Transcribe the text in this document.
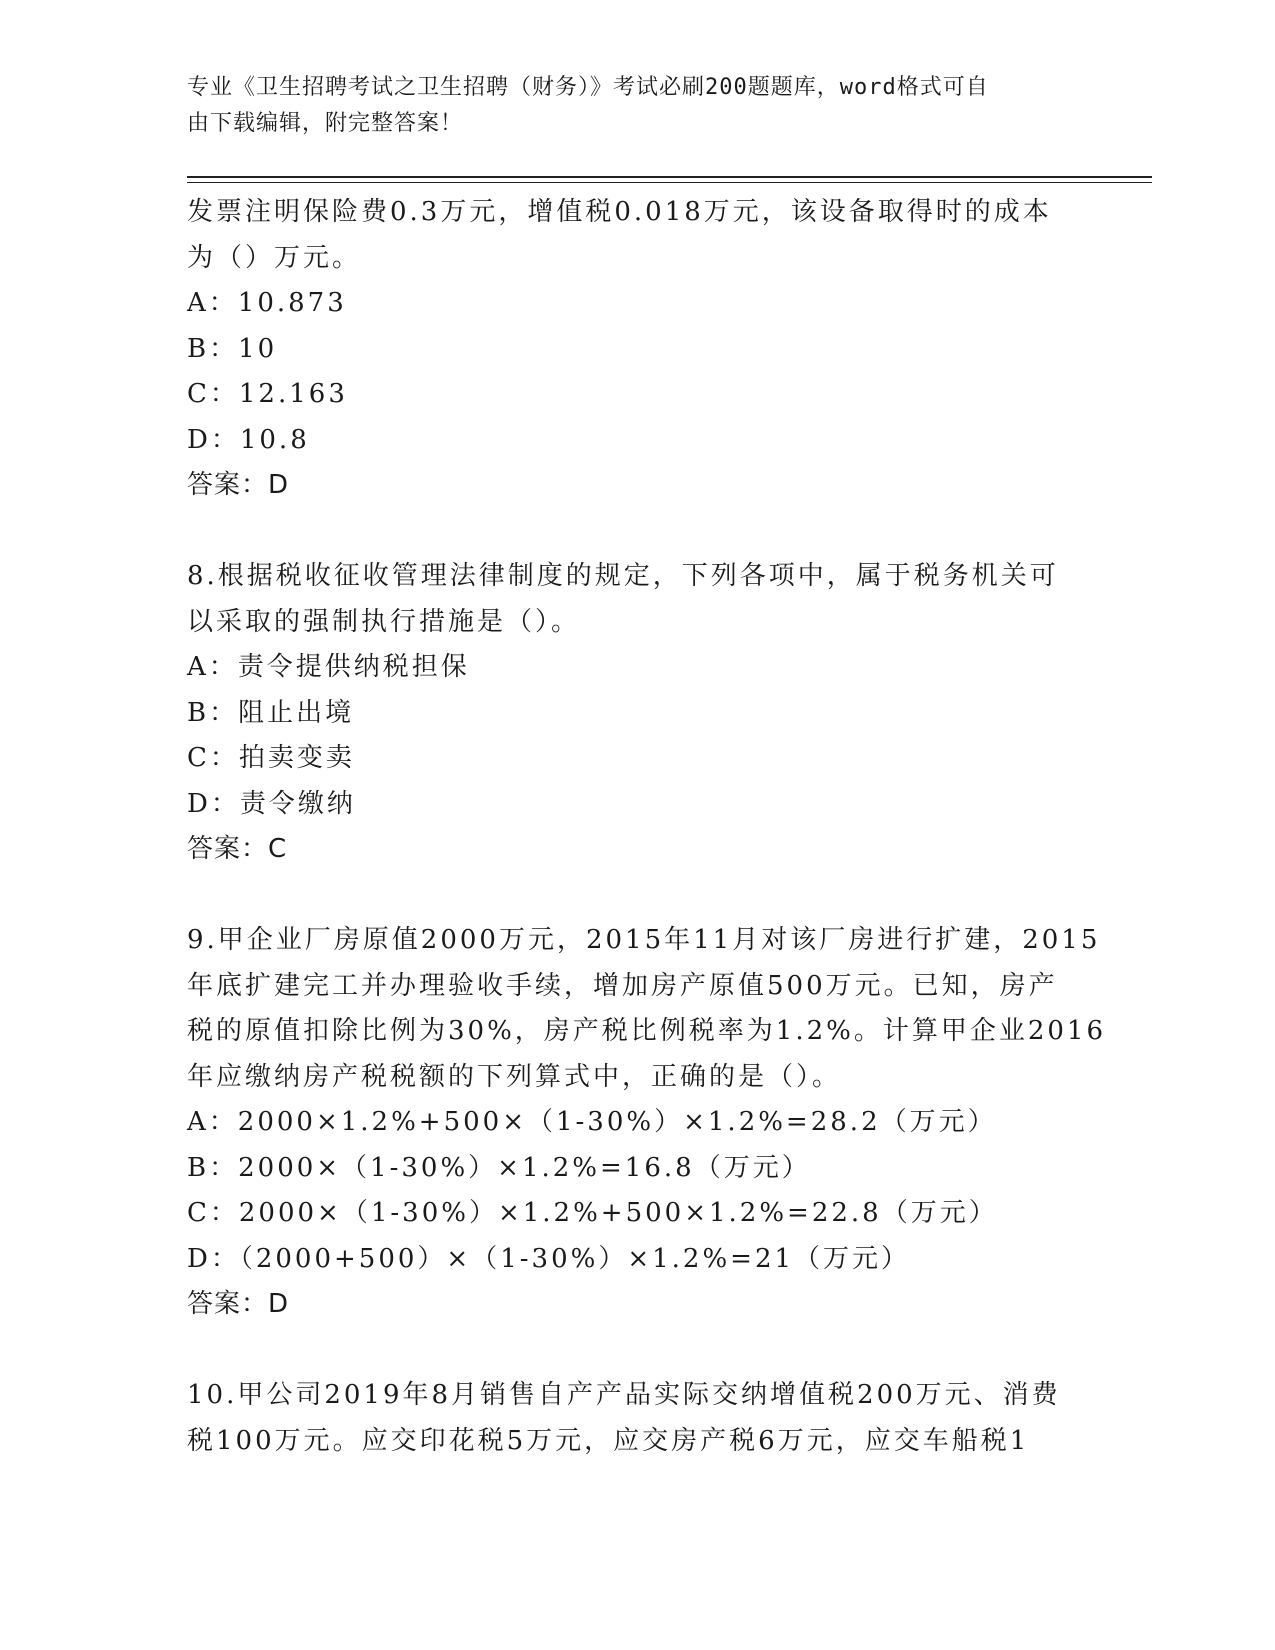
专业《卫生招聘考试之卫生招聘（财务）》考试必刷200题题库，word格式可自
由下载编辑，附完整答案！
发票注明保险费0.3万元，增值税0.018万元，该设备取得时的成本
为（）万元。
A：10.873
B：10
C：12.163
D：10.8
答案：D
8.根据税收征收管理法律制度的规定，下列各项中，属于税务机关可
以采取的强制执行措施是（）。
A：责令提供纳税担保
B：阻止出境
C：拍卖变卖
D：责令缴纳
答案：C
9.甲企业厂房原值2000万元，2015年11月对该厂房进行扩建，2015
年底扩建完工并办理验收手续，增加房产原值500万元。已知，房产
税的原值扣除比例为30%，房产税比例税率为1.2%。计算甲企业2016
年应缴纳房产税税额的下列算式中，正确的是（）。
A：2000×1.2%+500×（1-30%）×1.2%=28.2（万元）
B：2000×（1-30%）×1.2%=16.8（万元）
C：2000×（1-30%）×1.2%+500×1.2%=22.8（万元）
D：（2000+500）×（1-30%）×1.2%=21（万元）
答案：D
10.甲公司2019年8月销售自产产品实际交纳增值税200万元、消费
税100万元。应交印花税5万元，应交房产税6万元，应交车船税1
